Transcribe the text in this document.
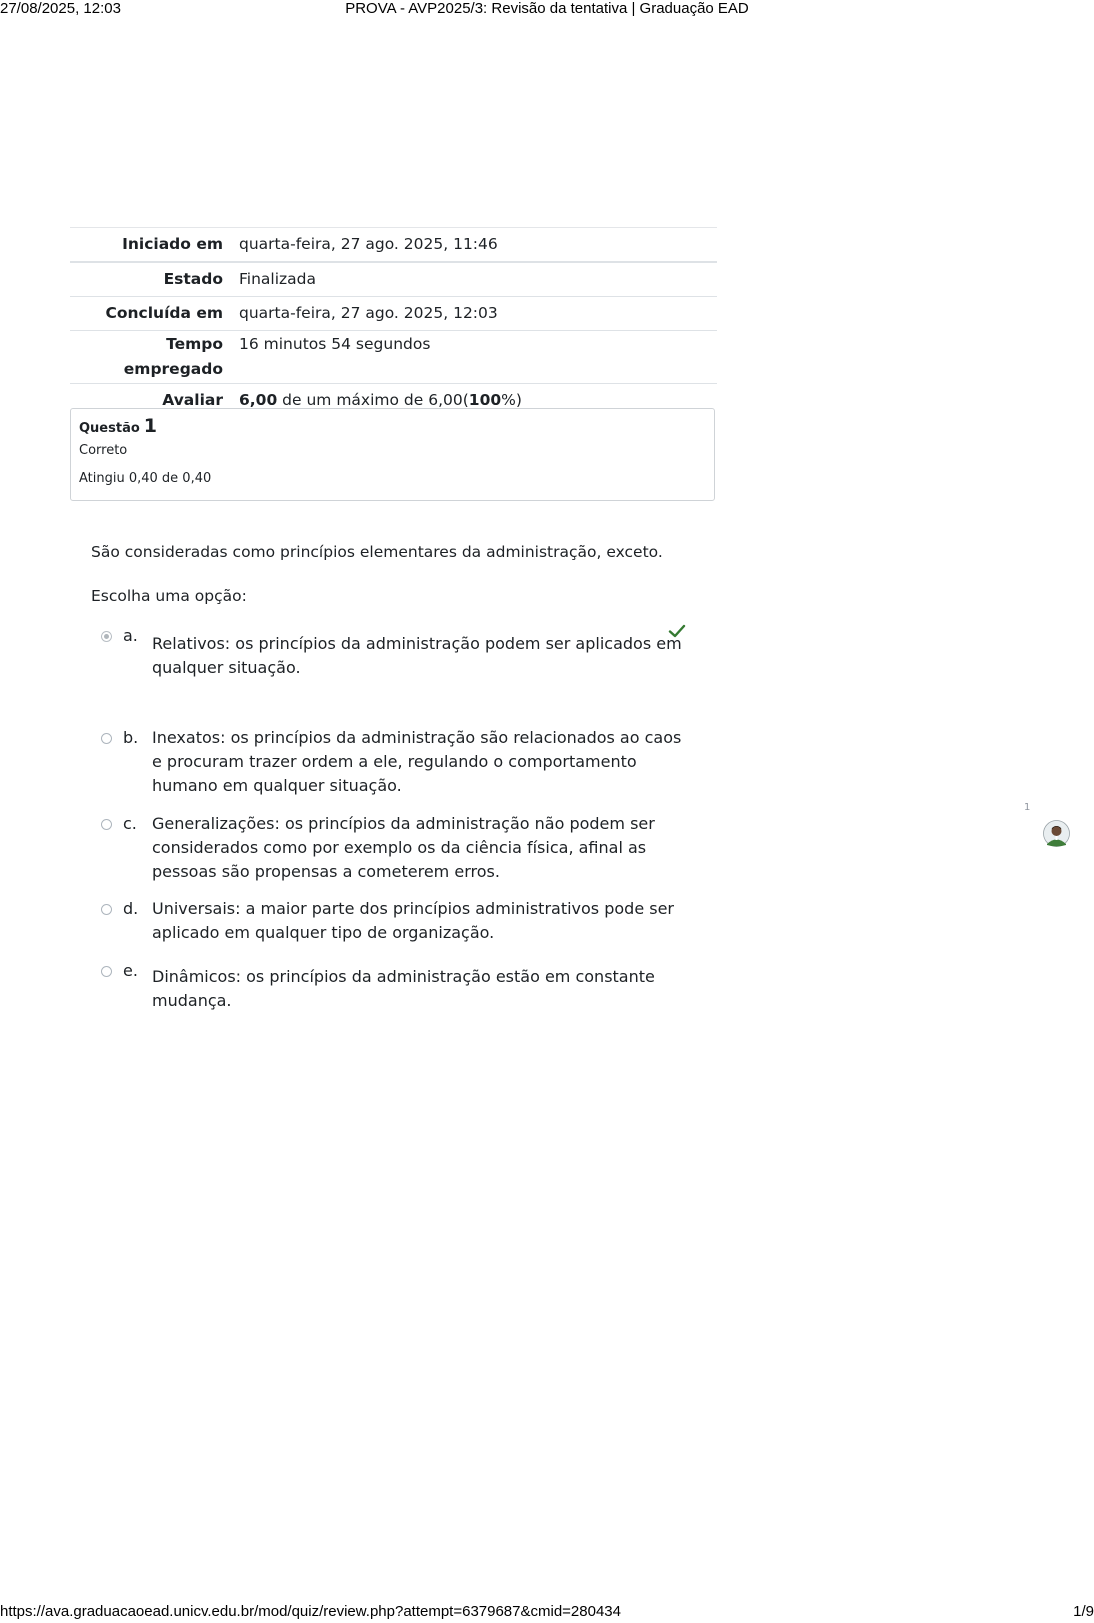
27/08/2025, 12:03	PROVA - AVP2025/3: Revisão da tentativa | Graduação EAD
Iniciado em	quarta-feira, 27 ago. 2025, 11:46
Estado	Finalizada
Concluída em	quarta-feira, 27 ago. 2025, 12:03
Tempo
empregado	16 minutos 54 segundos
Avaliar	6,00 de um máximo de 6,00(100%)
Questão 1
Correto
Atingiu 0,40 de 0,40

São consideradas como princípios elementares da administração, exceto.

Escolha uma opção:

a. Relativos: os princípios da administração podem ser aplicados em qualquer situação.
b. Inexatos: os princípios da administração são relacionados ao caos e procuram trazer ordem a ele, regulando o comportamento humano em qualquer situação.
c. Generalizações: os princípios da administração não podem ser considerados como por exemplo os da ciência física, afinal as pessoas são propensas a cometerem erros.
d. Universais: a maior parte dos princípios administrativos pode ser aplicado em qualquer tipo de organização.
e. Dinâmicos: os princípios da administração estão em constante mudança.
1
https://ava.graduacaoead.unicv.edu.br/mod/quiz/review.php?attempt=6379687&cmid=280434	1/9
